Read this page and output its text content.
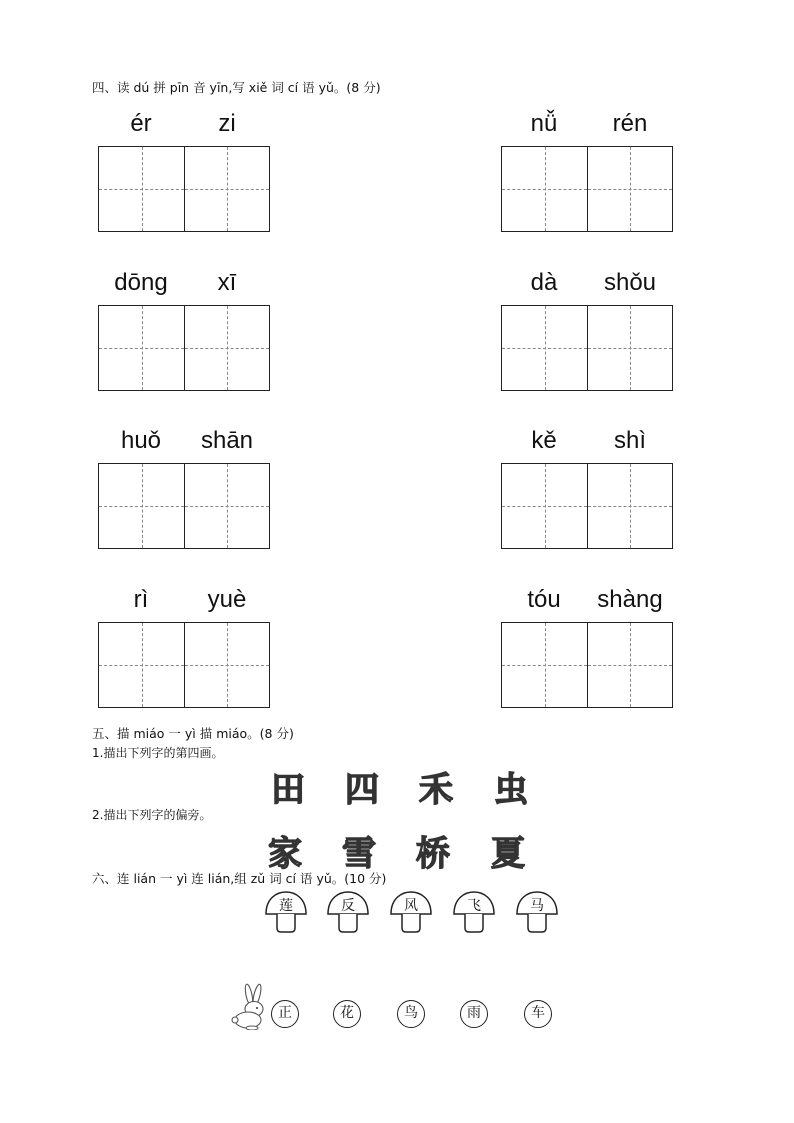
四、读 dú 拼 pīn 音 yīn,写 xiě 词 cí 语 yǔ。(8 分)
ér	zi	nǚ	rén
dōng	xī	dà	shǒu
huǒ	shān	kě	shì
rì	yuè	tóu	shàng
五、描 miáo 一 yì 描 miáo。(8 分)
1.描出下列字的第四画。
田 四 禾 虫
2.描出下列字的偏旁。
家 雪 桥 夏
六、连 lián 一 yì 连 lián,组 zǔ 词 cí 语 yǔ。(10 分)
莲	反	风	飞	马
正	花	鸟	雨	车
